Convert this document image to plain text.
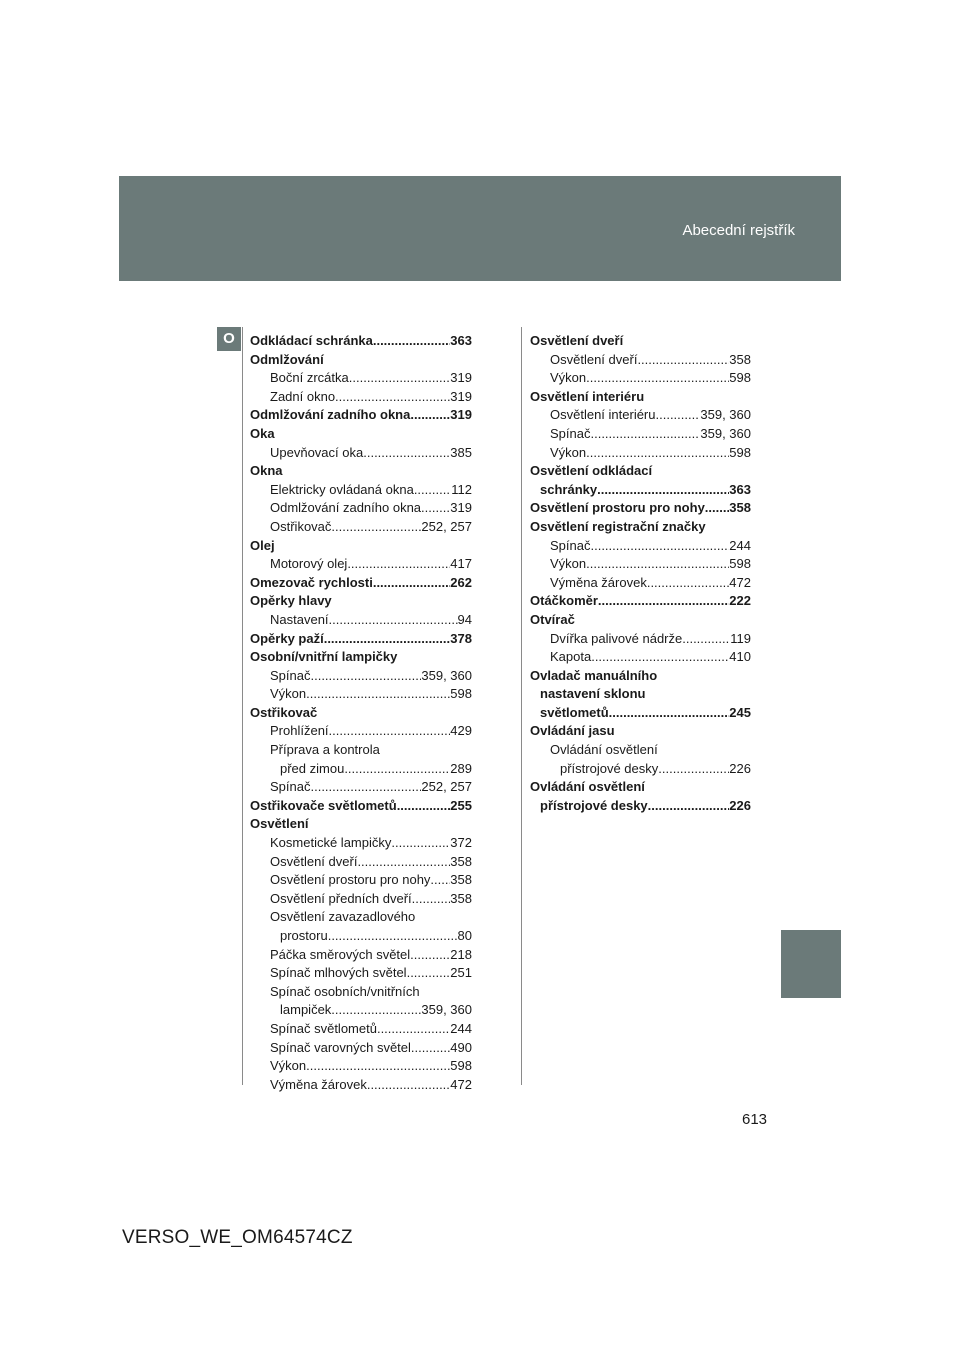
Abecední rejstřík
O	Odkládací schránka .....	363
Odmlžování
Boční zrcátka .....	319
Zadní okno .....	319
Odmlžování zadního okna .....	319
Oka
Upevňovací oka .....	385
Okna
Elektricky ovládaná okna .....	112
Odmlžování zadního okna ..... 319
Ostřikovač .....	252, 257
Olej
Motorový olej .....	417
Omezovač rychlosti .....	262
Opěrky hlavy
Nastavení .....	94
Opěrky paží .....	378
Osobní/vnitřní lampičky
Spínač .....	359, 360
Výkon .....	598
Ostřikovač
Prohlížení .....	429
Příprava a kontrola
před zimou .....	289
Spínač .....	252, 257
Ostřikovače světlometů .....	255
Osvětlení
Kosmetické lampičky .....	372
Osvětlení dveří .....	358
Osvětlení prostoru pro nohy ..... 358
Osvětlení předních dveří .....	358
Osvětlení zavazadlového
prostoru .....	80
Páčka směrových světel .....	218
Spínač mlhových světel .....	251
Spínač osobních/vnitřních
lampiček .....	359, 360
Spínač světlometů .....	244
Spínač varovných světel .....	490
Výkon .....	598
Výměna žárovek .....	472
Osvětlení dveří
Osvětlení dveří .....	358
Výkon .....	598
Osvětlení interiéru
Osvětlení interiéru .....	359, 360
Spínač .....	359, 360
Výkon .....	598
Osvětlení odkládací
schránky .....	363
Osvětlení prostoru pro nohy ..... 358
Osvětlení registrační značky
Spínač .....	244
Výkon .....	598
Výměna žárovek .....	472
Otáčkoměr .....	222
Otvírač
Dvířka palivové nádrže .....	119
Kapota .....	410
Ovladač manuálního
nastavení sklonu
světlometů .....	245
Ovládání jasu
Ovládání osvětlení
přístrojové desky .....	226
Ovládání osvětlení
přístrojové desky .....	226
613
VERSO_WE_OM64574CZ
